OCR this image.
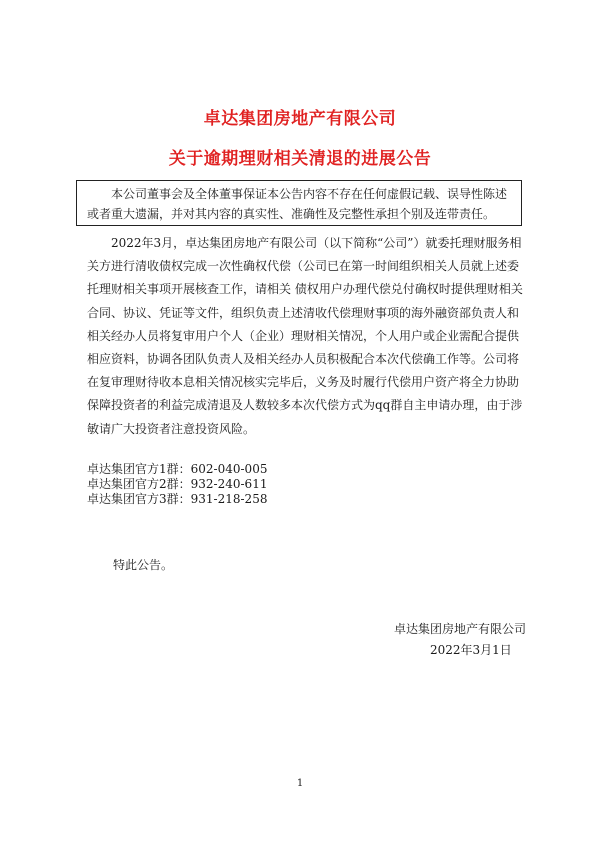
卓达集团房地产有限公司
关于逾期理财相关清退的进展公告

本公司董事会及全体董事保证本公告内容不存在任何虚假记载、误导性陈述或者重大遗漏，并对其内容的真实性、准确性及完整性承担个别及连带责任。

2022年3月，卓达集团房地产有限公司（以下简称“公司”）就委托理财服务相关方进行清收债权完成一次性确权代偿（公司已在第一时间组织相关人员就上述委托理财相关事项开展核查工作，请相关 债权用户办理代偿兑付确权时提供理财相关合同、协议、凭证等文件，组织负责上述清收代偿理财事项的海外融资部负责人和相关经办人员将复审用户个人（企业）理财相关情况，个人用户或企业需配合提供相应资料，协调各团队负责人及相关经办人员积极配合本次代偿确工作等。公司将在复审理财待收本息相关情况核实完毕后，义务及时履行代偿用户资产将全力协助保障投资者的利益完成清退及人数较多本次代偿方式为qq群自主申请办理，由于涉敏请广大投资者注意投资风险。

卓达集团官方1群：602-040-005
卓达集团官方2群：932-240-611
卓达集团官方3群：931-218-258
特此公告。
卓达集团房地产有限公司
2022年3月1日
1
